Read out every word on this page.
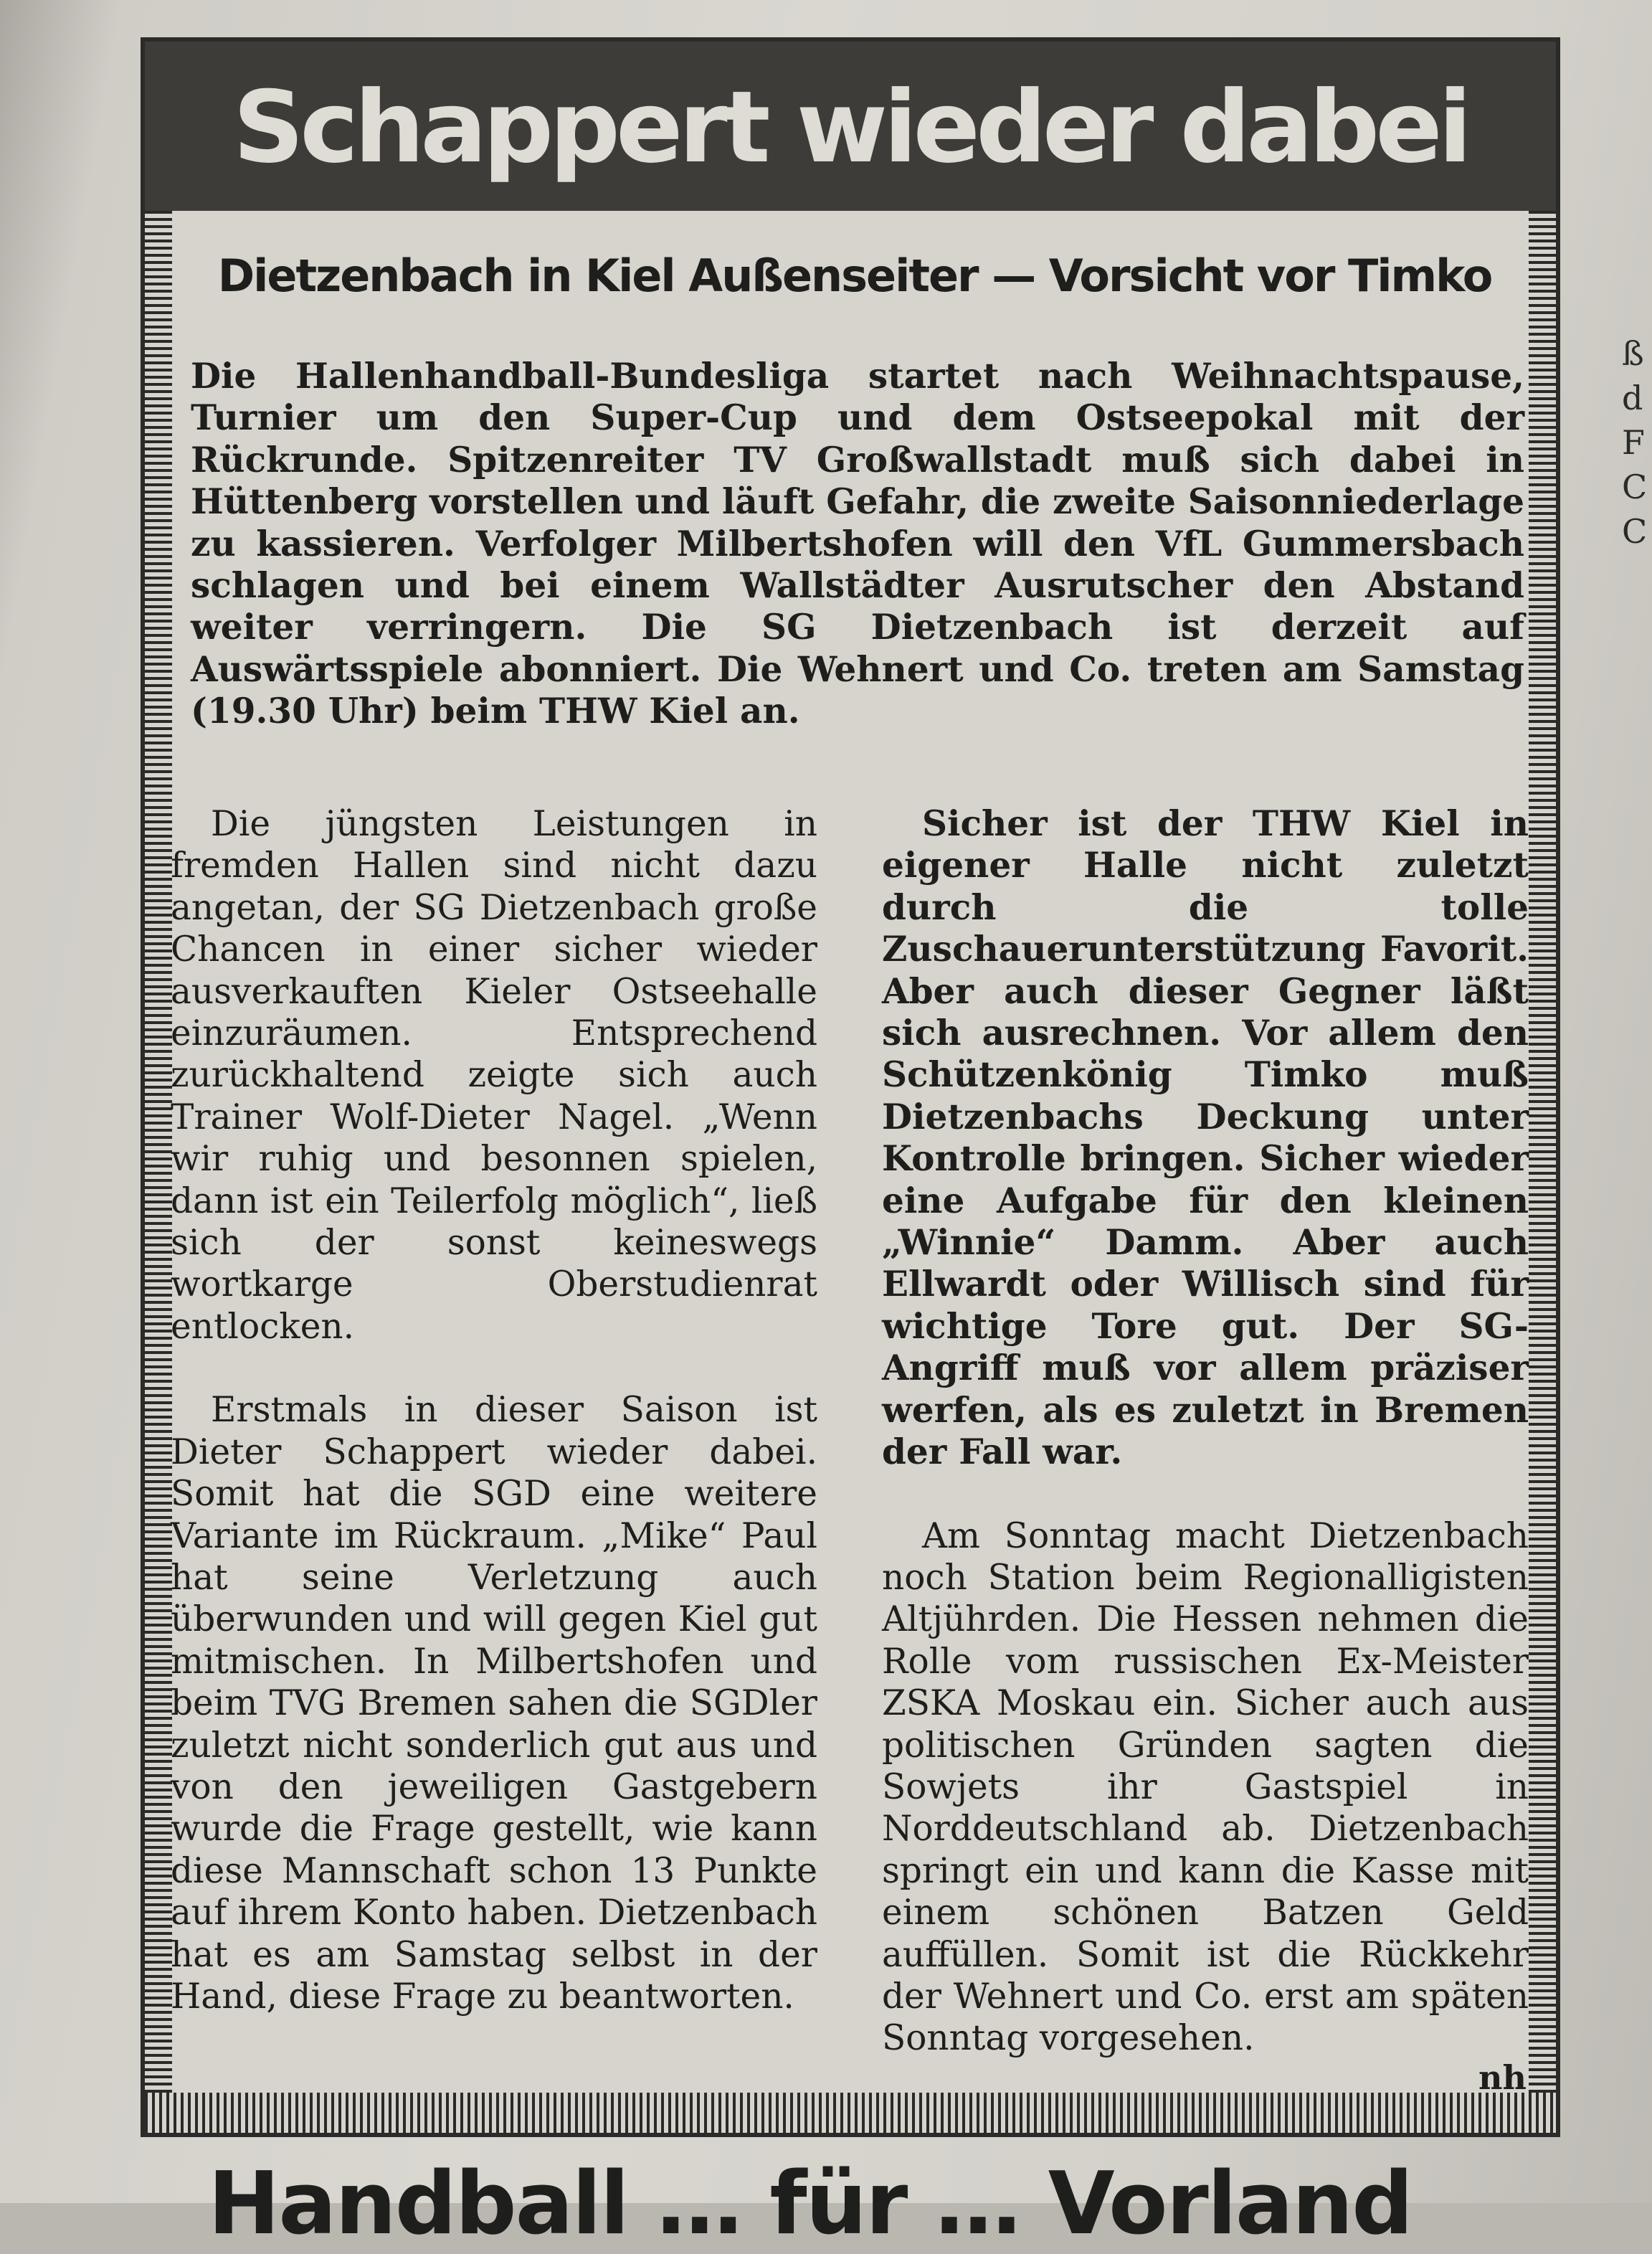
Schappert wieder dabei
Dietzenbach in Kiel Außenseiter — Vorsicht vor Timko
Die Hallenhandball-Bundesliga startet nach Weihnachtspause, Turnier um den Super-Cup und dem Ostseepokal mit der Rückrunde. Spitzenreiter TV Großwallstadt muß sich dabei in Hüttenberg vorstellen und läuft Gefahr, die zweite Saisonniederlage zu kassieren. Verfolger Milbertshofen will den VfL Gummersbach schlagen und bei einem Wallstädter Ausrutscher den Abstand weiter verringern. Die SG Dietzenbach ist derzeit auf Auswärtsspiele abonniert. Die Wehnert und Co. treten am Samstag (19.30 Uhr) beim THW Kiel an.

Die jüngsten Leistungen in fremden Hallen sind nicht dazu angetan, der SG Dietzenbach große Chancen in einer sicher wieder ausverkauften Kieler Ostseehalle einzuräumen. Entsprechend zurückhaltend zeigte sich auch Trainer Wolf-Dieter Nagel. „Wenn wir ruhig und besonnen spielen, dann ist ein Teilerfolg möglich“, ließ sich der sonst keineswegs wortkarge Oberstudienrat entlocken.

Erstmals in dieser Saison ist Dieter Schappert wieder dabei. Somit hat die SGD eine weitere Variante im Rückraum. „Mike“ Paul hat seine Verletzung auch überwunden und will gegen Kiel gut mitmischen. In Milbertshofen und beim TVG Bremen sahen die SGDler zuletzt nicht sonderlich gut aus und von den jeweiligen Gastgebern wurde die Frage gestellt, wie kann diese Mannschaft schon 13 Punkte auf ihrem Konto haben. Dietzenbach hat es am Samstag selbst in der Hand, diese Frage zu beantworten.

Sicher ist der THW Kiel in eigener Halle nicht zuletzt durch die tolle Zuschauerunterstützung Favorit. Aber auch dieser Gegner läßt sich ausrechnen. Vor allem den Schützenkönig Timko muß Dietzenbachs Deckung unter Kontrolle bringen. Sicher wieder eine Aufgabe für den kleinen „Winnie“ Damm. Aber auch Ellwardt oder Willisch sind für wichtige Tore gut. Der SG-Angriff muß vor allem präziser werfen, als es zuletzt in Bremen der Fall war.

Am Sonntag macht Dietzenbach noch Station beim Regionalligisten Altjührden. Die Hessen nehmen die Rolle vom russischen Ex-Meister ZSKA Moskau ein. Sicher auch aus politischen Gründen sagten die Sowjets ihr Gastspiel in Norddeutschland ab. Dietzenbach springt ein und kann die Kasse mit einem schönen Batzen Geld auffüllen. Somit ist die Rückkehr der Wehnert und Co. erst am späten Sonntag vorgesehen.

nh
ß
d
F
C
C
Handball … für … Vorland
